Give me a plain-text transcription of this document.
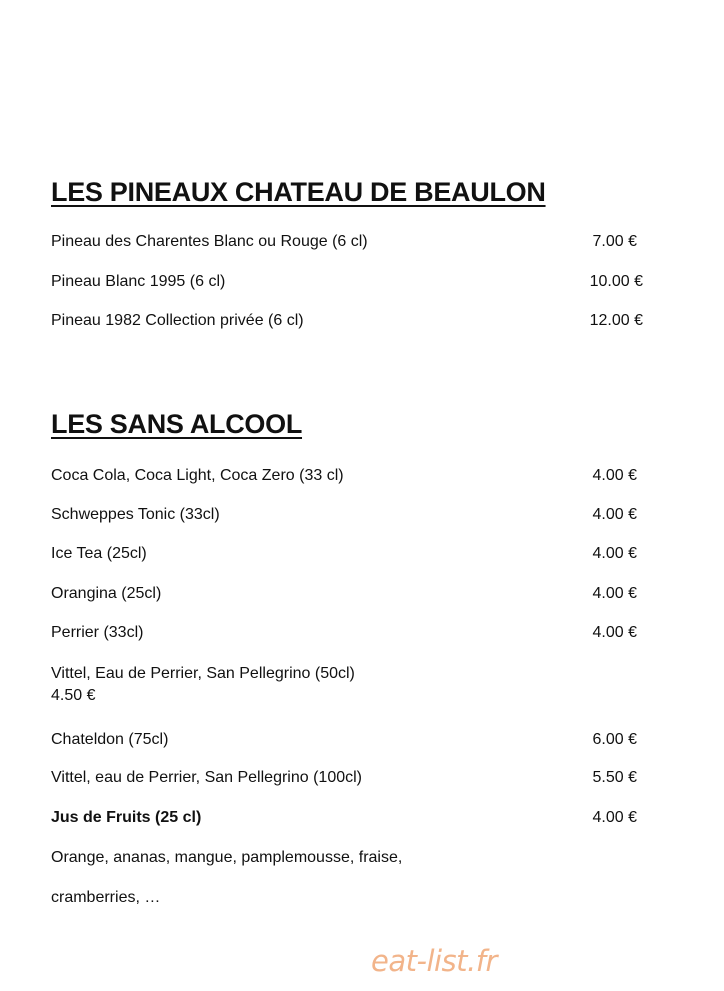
LES PINEAUX CHATEAU DE BEAULON
Pineau des Charentes Blanc ou Rouge (6 cl)	7.00 €
Pineau Blanc 1995 (6 cl)	10.00 €
Pineau 1982 Collection privée (6 cl)	12.00 €
LES SANS ALCOOL
Coca Cola, Coca Light, Coca Zero (33 cl)	4.00 €
Schweppes Tonic (33cl)	4.00 €
Ice Tea (25cl)	4.00 €
Orangina (25cl)	4.00 €
Perrier (33cl)	4.00 €
Vittel, Eau de Perrier, San Pellegrino (50cl)
4.50 €
Chateldon (75cl)	6.00 €
Vittel, eau de Perrier, San Pellegrino (100cl)	5.50 €
Jus de Fruits (25 cl)	4.00 €
Orange, ananas, mangue, pamplemousse, fraise,
cramberries, …
eat-list.fr
